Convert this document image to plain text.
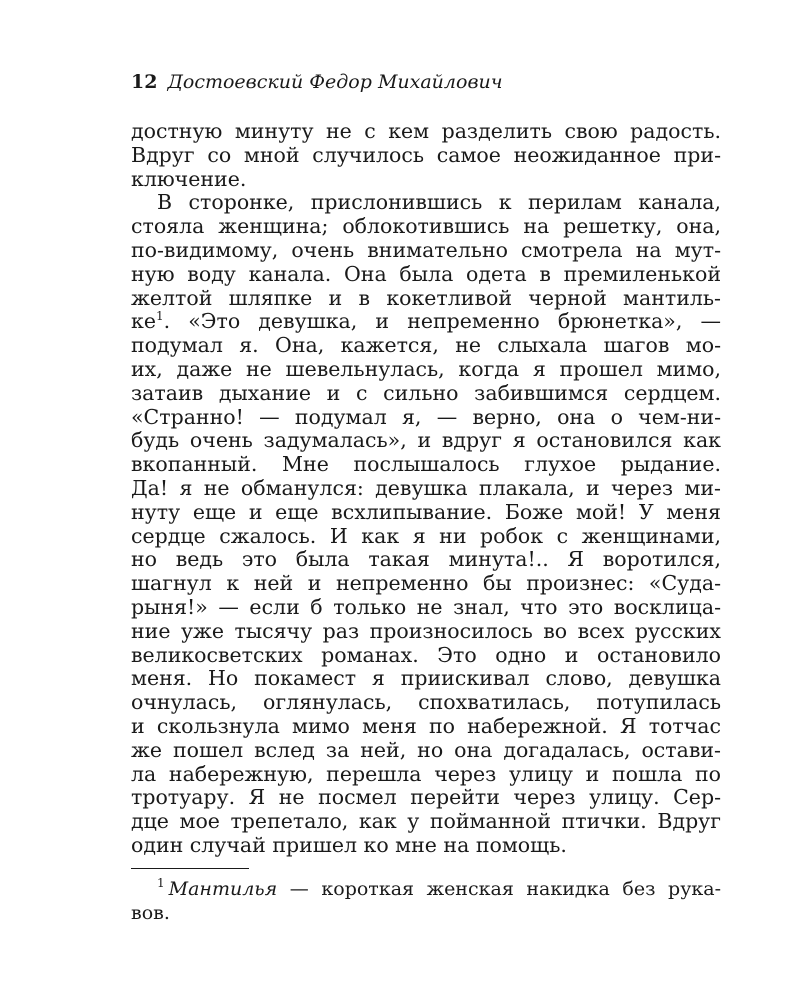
12 Достоевский Федор Михайлович
достную минуту не с кем разделить свою радость.
Вдруг со мной случилось самое неожиданное при-
ключение.
В сторонке, прислонившись к перилам канала,
стояла женщина; облокотившись на решетку, она,
по-видимому, очень внимательно смотрела на мут-
ную воду канала. Она была одета в премиленькой
желтой шляпке и в кокетливой черной мантиль-
ке$^1$. «Это девушка, и непременно брюнетка», —
подумал я. Она, кажется, не слыхала шагов мо-
их, даже не шевельнулась, когда я прошел мимо,
затаив дыхание и с сильно забившимся сердцем.
«Странно! — подумал я, — верно, она о чем-ни-
будь очень задумалась», и вдруг я остановился как
вкопанный. Мне послышалось глухое рыдание.
Да! я не обманулся: девушка плакала, и через ми-
нуту еще и еще всхлипывание. Боже мой! У меня
сердце сжалось. И как я ни робок с женщинами,
но ведь это была такая минута!.. Я воротился,
шагнул к ней и непременно бы произнес: «Суда-
рыня!» — если б только не знал, что это восклица-
ние уже тысячу раз произносилось во всех русских
великосветских романах. Это одно и остановило
меня. Но покамест я приискивал слово, девушка
очнулась, оглянулась, спохватилась, потупилась
и скользнула мимо меня по набережной. Я тотчас
же пошел вслед за ней, но она догадалась, остави-
ла набережную, перешла через улицу и пошла по
тротуару. Я не посмел перейти через улицу. Сер-
дце мое трепетало, как у пойманной птички. Вдруг
один случай пришел ко мне на помощь.
$^1$ Мантилья — короткая женская накидка без рука-
вов.
